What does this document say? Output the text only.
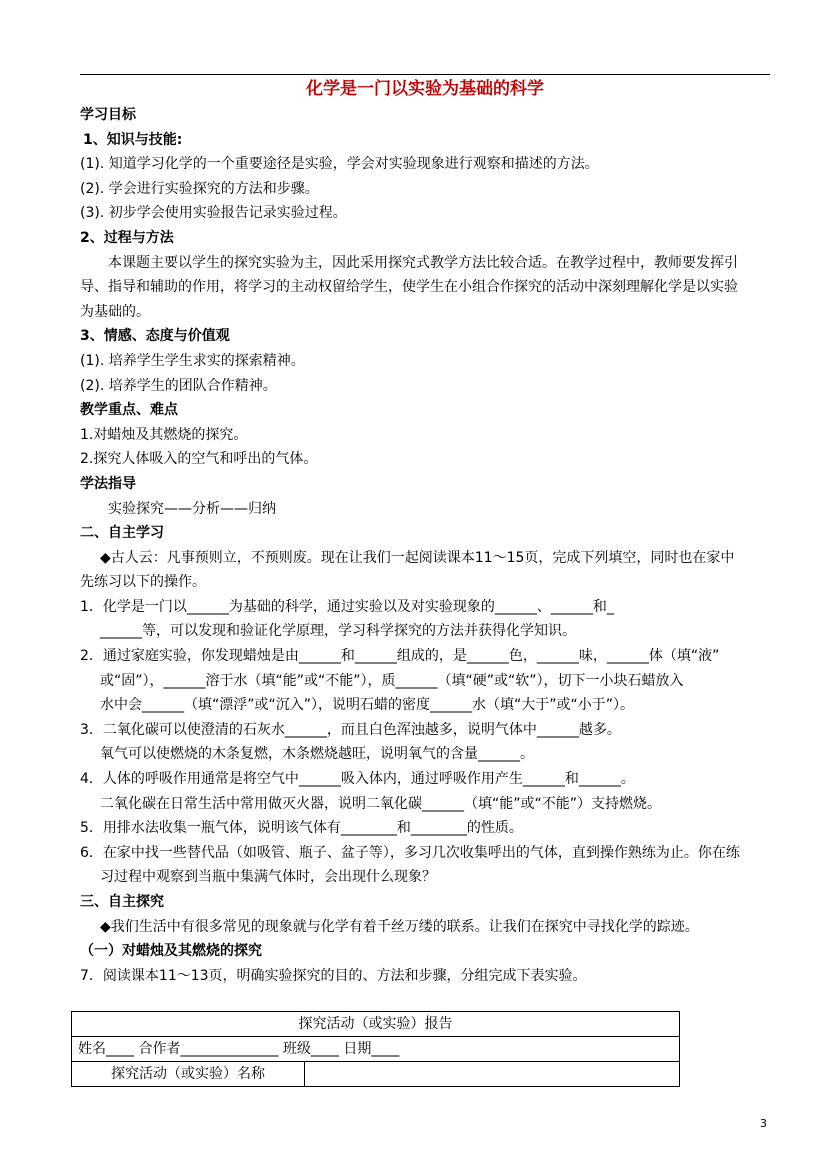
化学是一门以实验为基础的科学
学习目标
1、知识与技能:
(1). 知道学习化学的一个重要途径是实验，学会对实验现象进行观察和描述的方法。
(2). 学会进行实验探究的方法和步骤。
(3). 初步学会使用实验报告记录实验过程。
2、过程与方法
本课题主要以学生的探究实验为主，因此采用探究式教学方法比较合适。在教学过程中，教师要发挥引
导、指导和辅助的作用，将学习的主动权留给学生，使学生在小组合作探究的活动中深刻理解化学是以实验
为基础的。
3、情感、态度与价值观
(1). 培养学生学生求实的探索精神。
(2). 培养学生的团队合作精神。
教学重点、难点
1.对蜡烛及其燃烧的探究。
2.探究人体吸入的空气和呼出的气体。
学法指导
实验探究——分析——归纳
二、自主学习
◆古人云：凡事预则立，不预则废。现在让我们一起阅读课本11～15页，完成下列填空，同时也在家中
先练习以下的操作。
1．化学是一门以______为基础的科学，通过实验以及对实验现象的______、______和_
______等，可以发现和验证化学原理，学习科学探究的方法并获得化学知识。
2．通过家庭实验，你发现蜡烛是由______和______组成的，是______色，______味，______体（填“液”
或“固”），______溶于水（填“能”或“不能”），质______（填“硬”或“软”），切下一小块石蜡放入
水中会______（填“漂浮”或“沉入”），说明石蜡的密度______水（填“大于”或“小于”）。
3．二氧化碳可以使澄清的石灰水______，而且白色浑浊越多，说明气体中______越多。
氧气可以使燃烧的木条复燃，木条燃烧越旺，说明氧气的含量______。
4．人体的呼吸作用通常是将空气中______吸入体内，通过呼吸作用产生______和______。
二氧化碳在日常生活中常用做灭火器，说明二氧化碳______（填“能”或“不能”）支持燃烧。
5．用排水法收集一瓶气体，说明该气体有________和________的性质。
6．在家中找一些替代品（如吸管、瓶子、盆子等），多习几次收集呼出的气体，直到操作熟练为止。你在练
习过程中观察到当瓶中集满气体时，会出现什么现象？
三、自主探究
◆我们生活中有很多常见的现象就与化学有着千丝万缕的联系。让我们在探究中寻找化学的踪迹。
（一）对蜡烛及其燃烧的探究
7．阅读课本11～13页，明确实验探究的目的、方法和步骤，分组完成下表实验。
探究活动（或实验）报告
姓名____ 合作者______________ 班级____ 日期____
探究活动（或实验）名称	
3
